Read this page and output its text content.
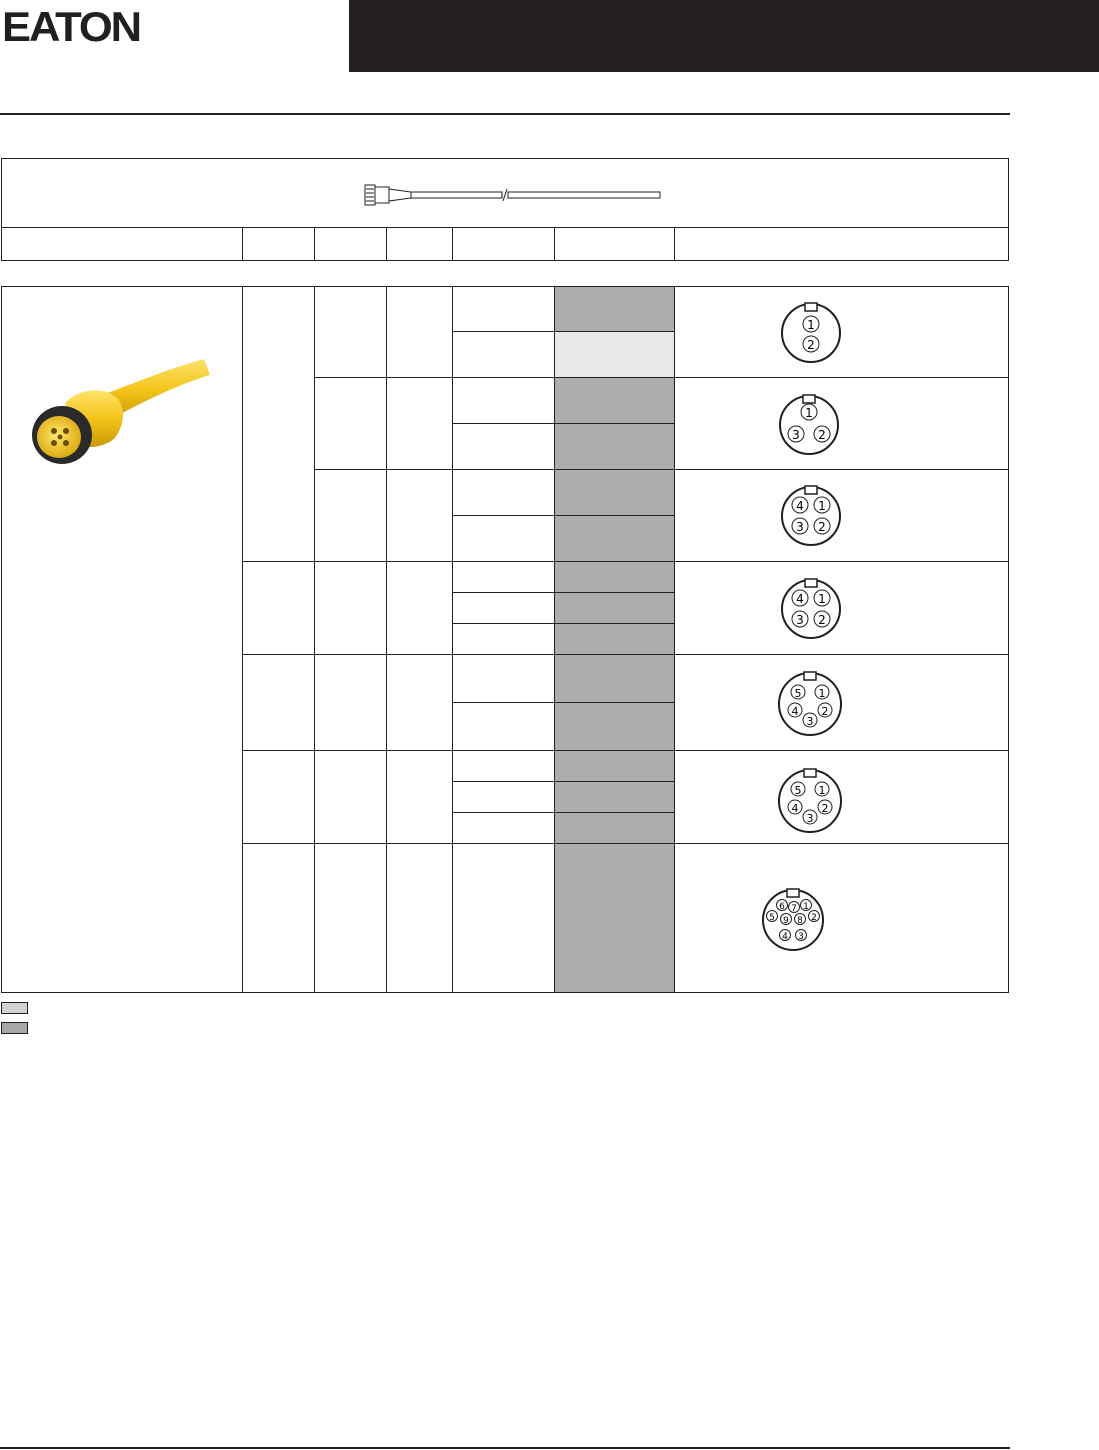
EATON
1
2
1
3 2
4 1
3 2
4 1
3 2
5 1
4 2
3
5 1
4 2
3
6 7 1
5 9 8 2
4 3
